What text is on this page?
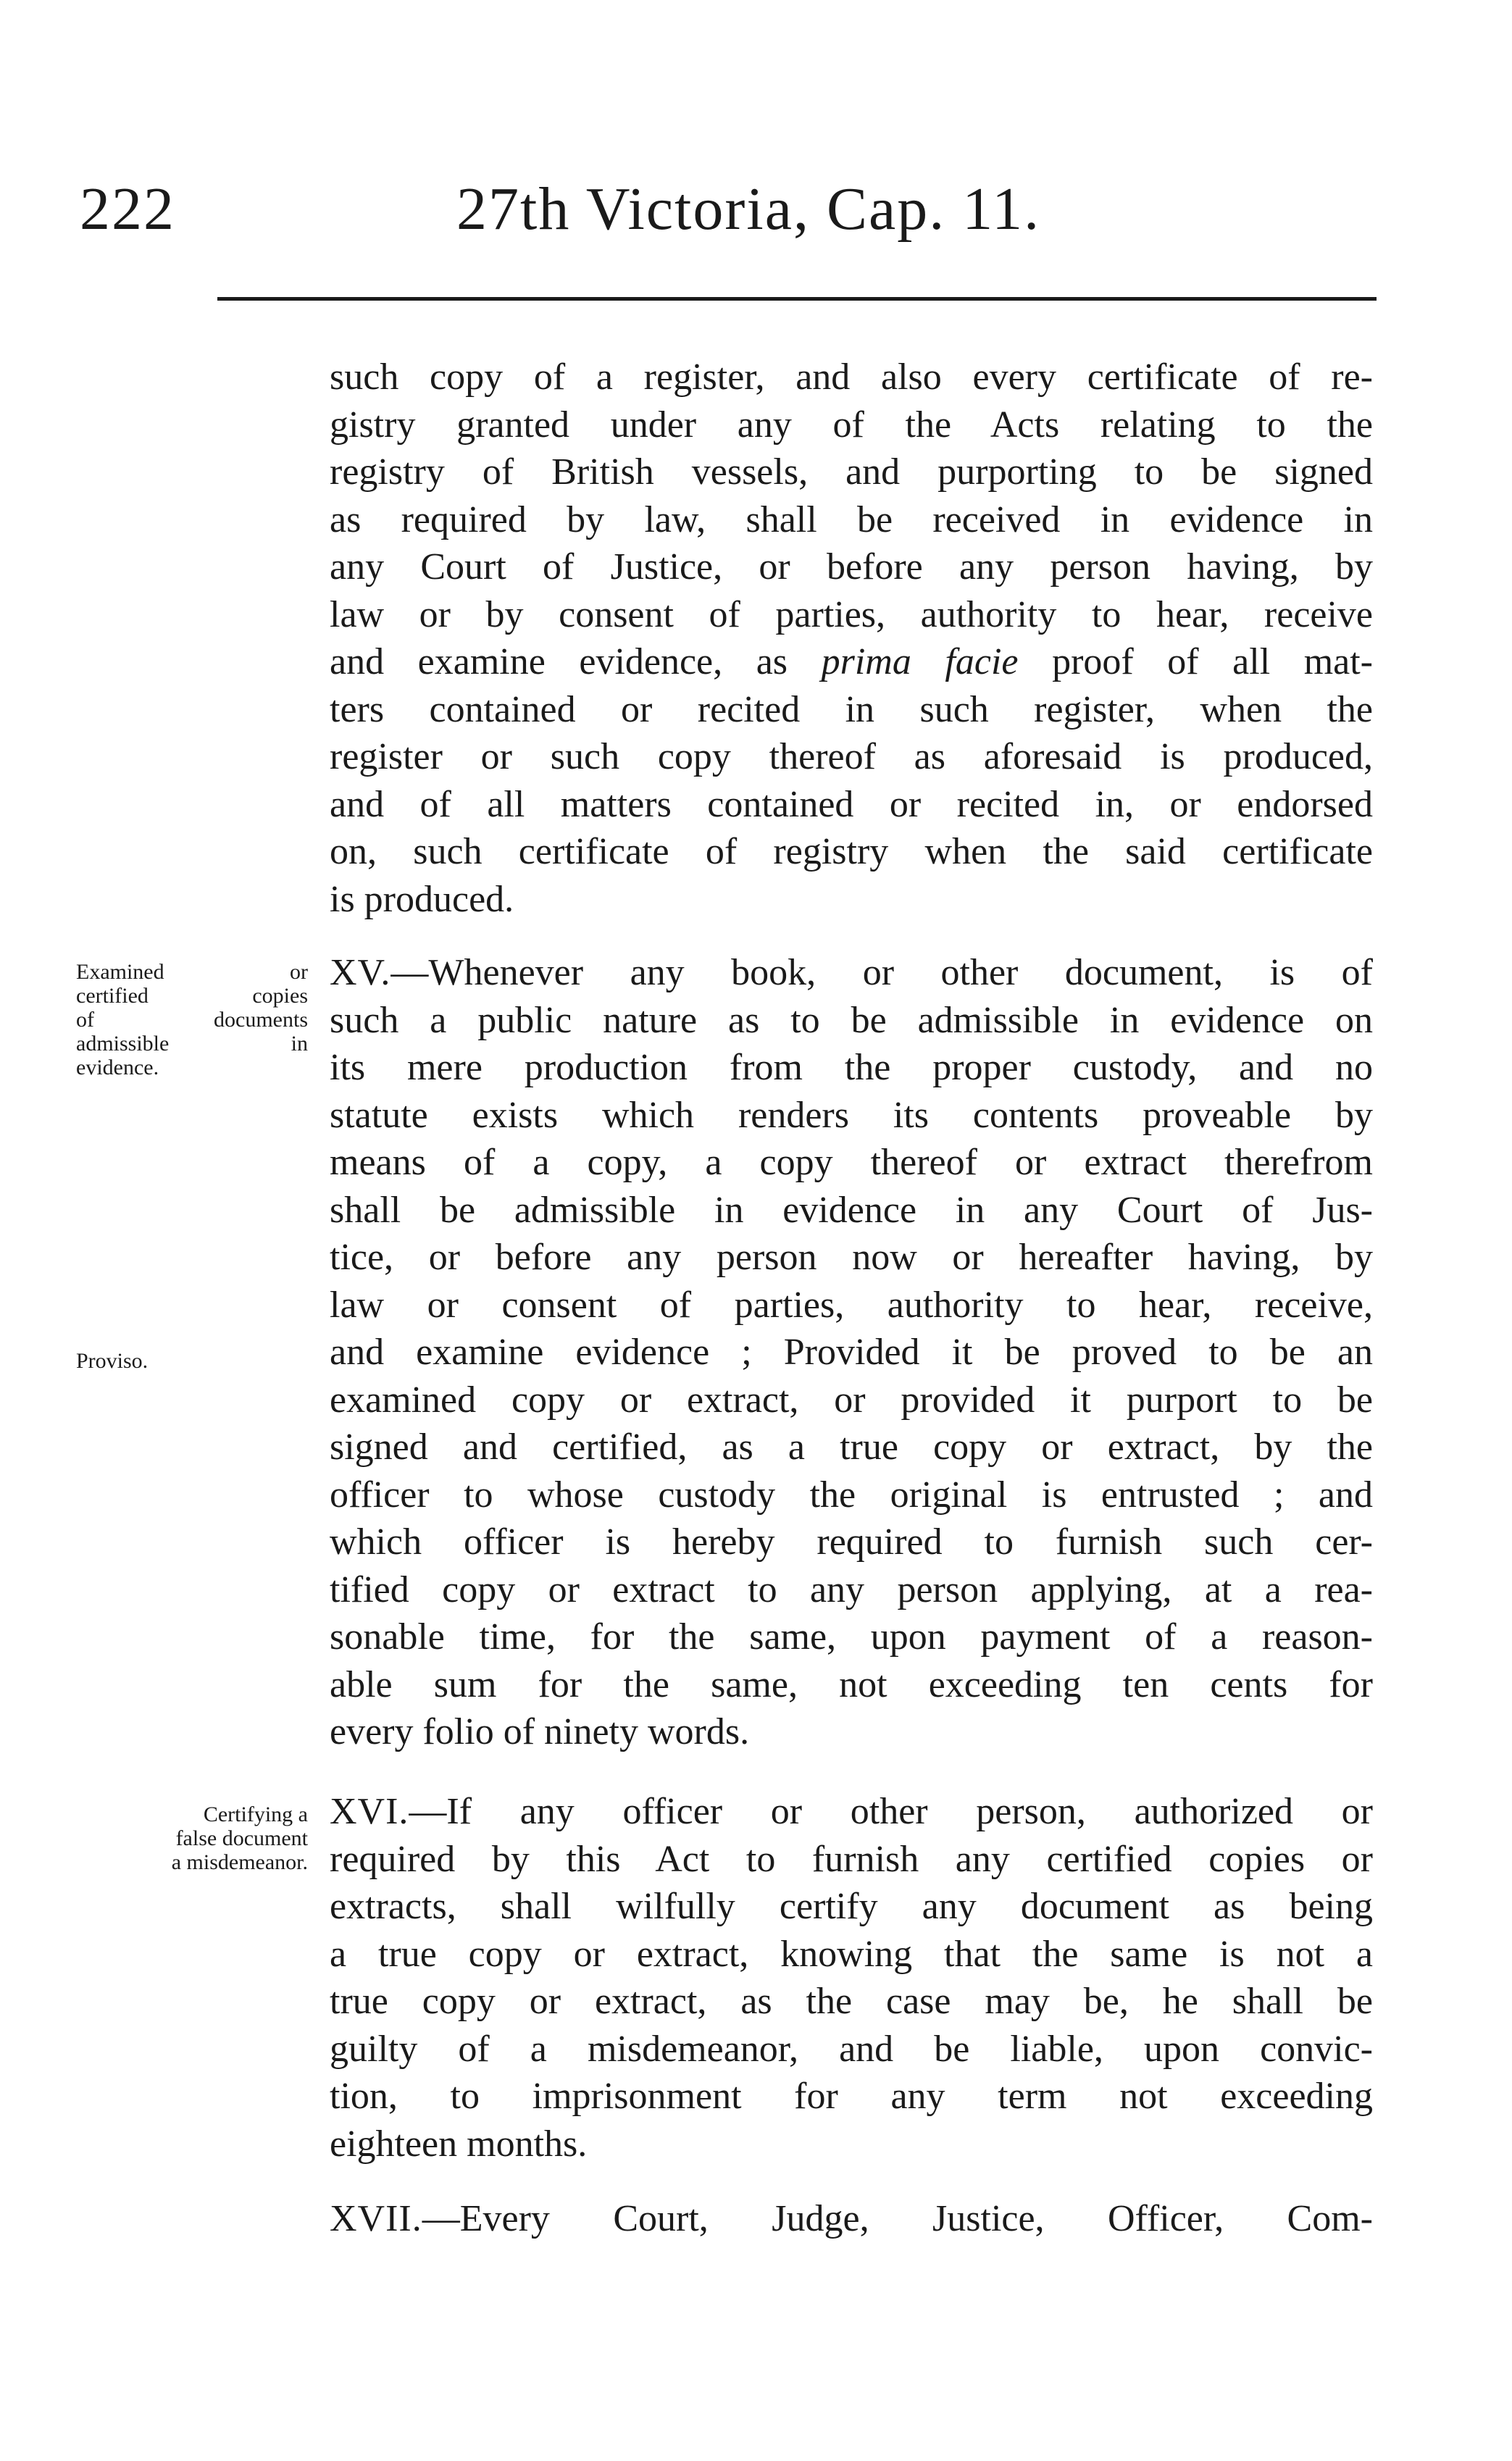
222	27th Victoria, Cap. 11.
such copy of a register, and also every certificate of re-
gistry granted under any of the Acts relating to the
registry of British vessels, and purporting to be signed
as required by law, shall be received in evidence in
any Court of Justice, or before any person having, by
law or by consent of parties, authority to hear, receive
and examine evidence, as prima facie proof of all mat-
ters contained or recited in such register, when the
register or such copy thereof as aforesaid is produced,
and of all matters contained or recited in, or endorsed
on, such certificate of registry when the said certificate
is produced.
Examined or
certified copies
of documents
admissible in
evidence.
Proviso.
XV.—Whenever any book, or other document, is of
such a public nature as to be admissible in evidence on
its mere production from the proper custody, and no
statute exists which renders its contents proveable by
means of a copy, a copy thereof or extract therefrom
shall be admissible in evidence in any Court of Jus-
tice, or before any person now or hereafter having, by
law or consent of parties, authority to hear, receive,
and examine evidence ; Provided it be proved to be an
examined copy or extract, or provided it purport to be
signed and certified, as a true copy or extract, by the
officer to whose custody the original is entrusted ; and
which officer is hereby required to furnish such cer-
tified copy or extract to any person applying, at a rea-
sonable time, for the same, upon payment of a reason-
able sum for the same, not exceeding ten cents for
every folio of ninety words.
Certifying a
false document
a misdemeanor.
XVI.—If any officer or other person, authorized or
required by this Act to furnish any certified copies or
extracts, shall wilfully certify any document as being
a true copy or extract, knowing that the same is not a
true copy or extract, as the case may be, he shall be
guilty of a misdemeanor, and be liable, upon convic-
tion, to imprisonment for any term not exceeding
eighteen months.
XVII.—Every Court, Judge, Justice, Officer, Com-
